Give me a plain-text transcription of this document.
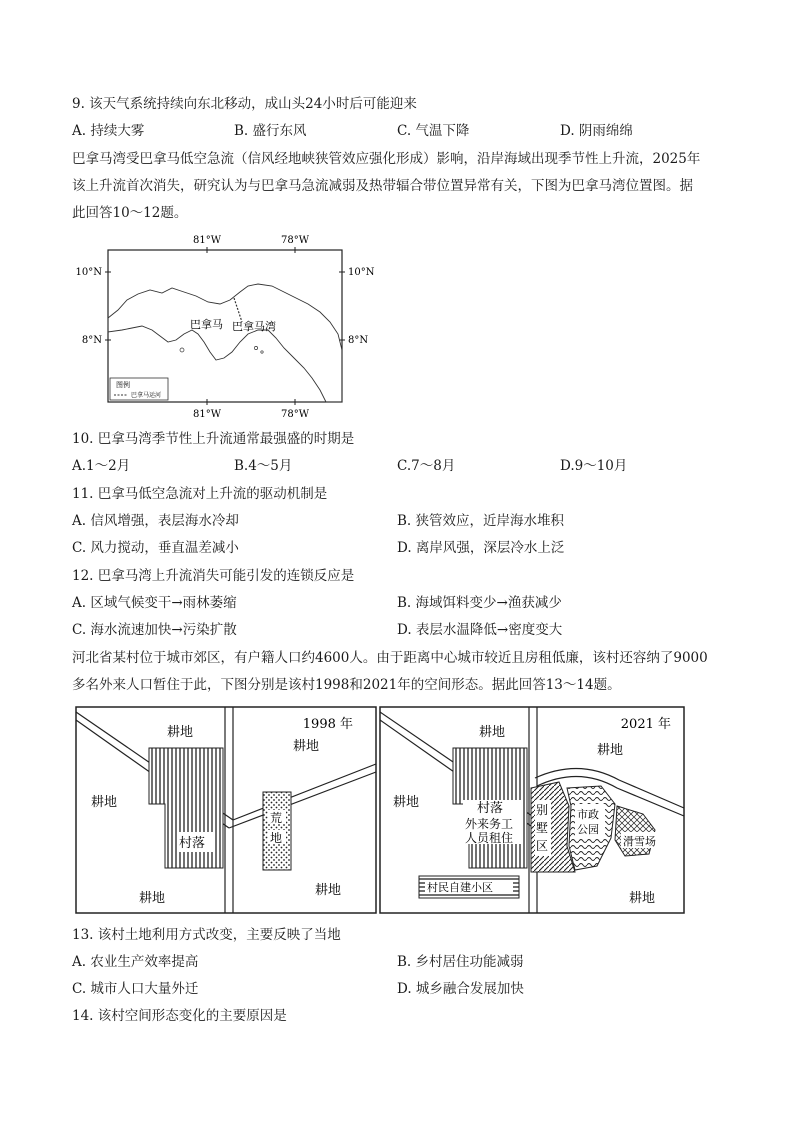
9. 该天气系统持续向东北移动，成山头24小时后可能迎来
A. 持续大雾	B. 盛行东风	C. 气温下降	D. 阴雨绵绵
巴拿马湾受巴拿马低空急流（信风经地峡狭管效应强化形成）影响，沿岸海域出现季节性上升流，2025年
该上升流首次消失，研究认为与巴拿马急流减弱及热带辐合带位置异常有关，下图为巴拿马湾位置图。据
此回答10～12题。
81°W	78°W
81°W	78°W
10°N
8°N
10°N
8°N
巴拿马 巴拿马湾
图例
巴拿马运河
10. 巴拿马湾季节性上升流通常最强盛的时期是
A.1～2月	B.4～5月	C.7～8月	D.9～10月
11. 巴拿马低空急流对上升流的驱动机制是
A. 信风增强，表层海水冷却	B. 狭管效应，近岸海水堆积
C. 风力搅动，垂直温差减小	D. 离岸风强，深层冷水上泛
12. 巴拿马湾上升流消失可能引发的连锁反应是
A. 区域气候变干→雨林萎缩	B. 海域饵料变少→渔获减少
C. 海水流速加快→污染扩散	D. 表层水温降低→密度变大
河北省某村位于城市郊区，有户籍人口约4600人。由于距离中心城市较近且房租低廉，该村还容纳了9000
多名外来人口暂住于此，下图分别是该村1998和2021年的空间形态。据此回答13～14题。
1998 年
耕地
耕地
耕地
耕地
耕地
村落
荒
地
2021 年
耕地
耕地
耕地
耕地
村落
外来务工
人员租住
别
墅
区
市政
公园
滑雪场
村民自建小区
13. 该村土地利用方式改变，主要反映了当地
A. 农业生产效率提高	B. 乡村居住功能减弱
C. 城市人口大量外迁	D. 城乡融合发展加快
14. 该村空间形态变化的主要原因是
